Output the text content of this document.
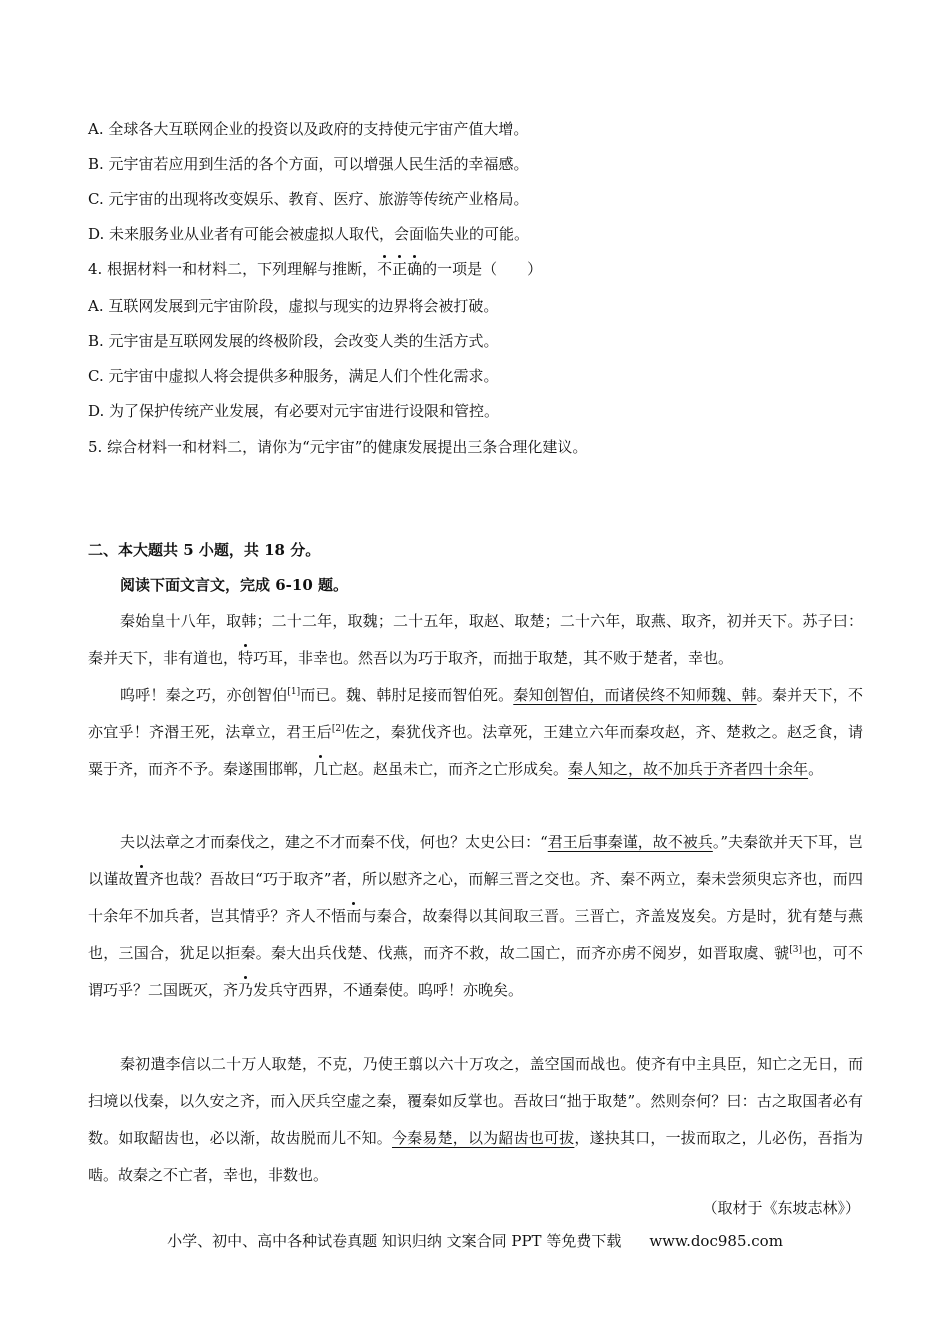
A. 全球各大互联网企业的投资以及政府的支持使元宇宙产值大增。
B. 元宇宙若应用到生活的各个方面，可以增强人民生活的幸福感。
C. 元宇宙的出现将改变娱乐、教育、医疗、旅游等传统产业格局。
D. 未来服务业从业者有可能会被虚拟人取代，会面临失业的可能。
4. 根据材料一和材料二，下列理解与推断，不正确的一项是（　　）
A. 互联网发展到元宇宙阶段，虚拟与现实的边界将会被打破。
B. 元宇宙是互联网发展的终极阶段，会改变人类的生活方式。
C. 元宇宙中虚拟人将会提供多种服务，满足人们个性化需求。
D. 为了保护传统产业发展，有必要对元宇宙进行设限和管控。
5. 综合材料一和材料二，请你为“元宇宙”的健康发展提出三条合理化建议。
二、本大题共 5 小题，共 18 分。
阅读下面文言文，完成 6-10 题。
秦始皇十八年，取韩；二十二年，取魏；二十五年，取赵、取楚；二十六年，取燕、取齐，初并天下。苏子曰：秦并天下，非有道也，特巧耳，非幸也。然吾以为巧于取齐，而拙于取楚，其不败于楚者，幸也。
呜呼！秦之巧，亦创智伯[1]而已。魏、韩肘足接而智伯死。秦知创智伯，而诸侯终不知师魏、韩。秦并天下，不亦宜乎！齐湣王死，法章立，君王后[2]佐之，秦犹伐齐也。法章死，王建立六年而秦攻赵，齐、楚救之。赵乏食，请粟于齐，而齐不予。秦遂围邯郸，几亡赵。赵虽未亡，而齐之亡形成矣。秦人知之，故不加兵于齐者四十余年。
夫以法章之才而秦伐之，建之不才而秦不伐，何也？太史公曰：“君王后事秦谨，故不被兵。”夫秦欲并天下耳，岂以谨故置齐也哉？吾故曰“巧于取齐”者，所以慰齐之心，而解三晋之交也。齐、秦不两立，秦未尝须臾忘齐也，而四十余年不加兵者，岂其情乎？齐人不悟而与秦合，故秦得以其间取三晋。三晋亡，齐盖岌岌矣。方是时，犹有楚与燕也，三国合，犹足以拒秦。秦大出兵伐楚、伐燕，而齐不救，故二国亡，而齐亦虏不阅岁，如晋取虞、虢[3]也，可不谓巧乎？二国既灭，齐乃发兵守西界，不通秦使。呜呼！亦晚矣。
秦初遣李信以二十万人取楚，不克，乃使王翦以六十万攻之，盖空国而战也。使齐有中主具臣，知亡之无日，而扫境以伐秦，以久安之齐，而入厌兵空虚之秦，覆秦如反掌也。吾故曰“拙于取楚”。然则奈何？曰：古之取国者必有数。如取龆齿也，必以渐，故齿脱而儿不知。今秦易楚，以为龆齿也可拔，遂抉其口，一拔而取之，儿必伤，吾指为啮。故秦之不亡者，幸也，非数也。
（取材于《东坡志林》）
小学、初中、高中各种试卷真题 知识归纳 文案合同 PPT 等免费下载 www.doc985.com
